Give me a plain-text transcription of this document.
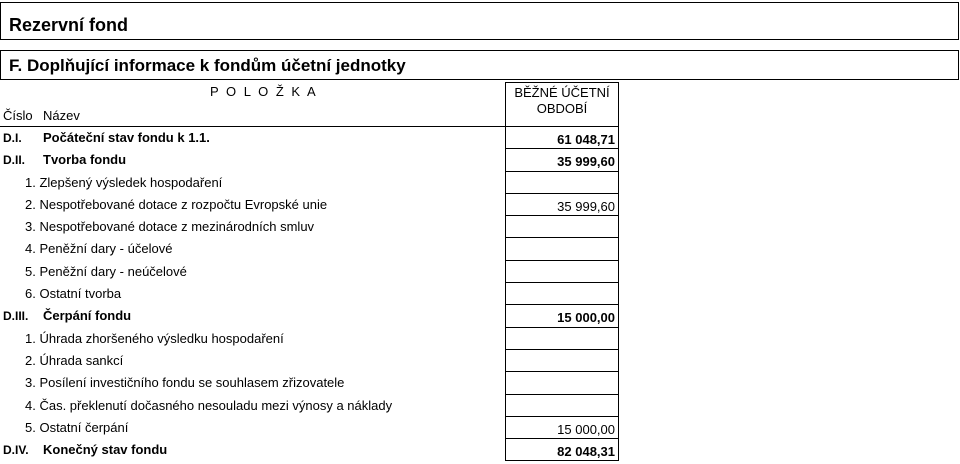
Rezervní fond
F. Doplňující informace k fondům účetní jednotky
P O L O Ž K A
Číslo Název
BĚŽNÉ ÚČETNÍ
OBDOBÍ
D.I. Počáteční stav fondu k 1.1.	61 048,71
D.II. Tvorba fondu	35 999,60
1. Zlepšený výsledek hospodaření
2. Nespotřebované dotace z rozpočtu Evropské unie	35 999,60
3. Nespotřebované dotace z mezinárodních smluv
4. Peněžní dary - účelové
5. Peněžní dary - neúčelové
6. Ostatní tvorba
D.III. Čerpání fondu	15 000,00
1. Úhrada zhoršeného výsledku hospodaření
2. Úhrada sankcí
3. Posílení investičního fondu se souhlasem zřizovatele
4. Čas. překlenutí dočasného nesouladu mezi výnosy a náklady
5. Ostatní čerpání	15 000,00
D.IV. Konečný stav fondu	82 048,31
